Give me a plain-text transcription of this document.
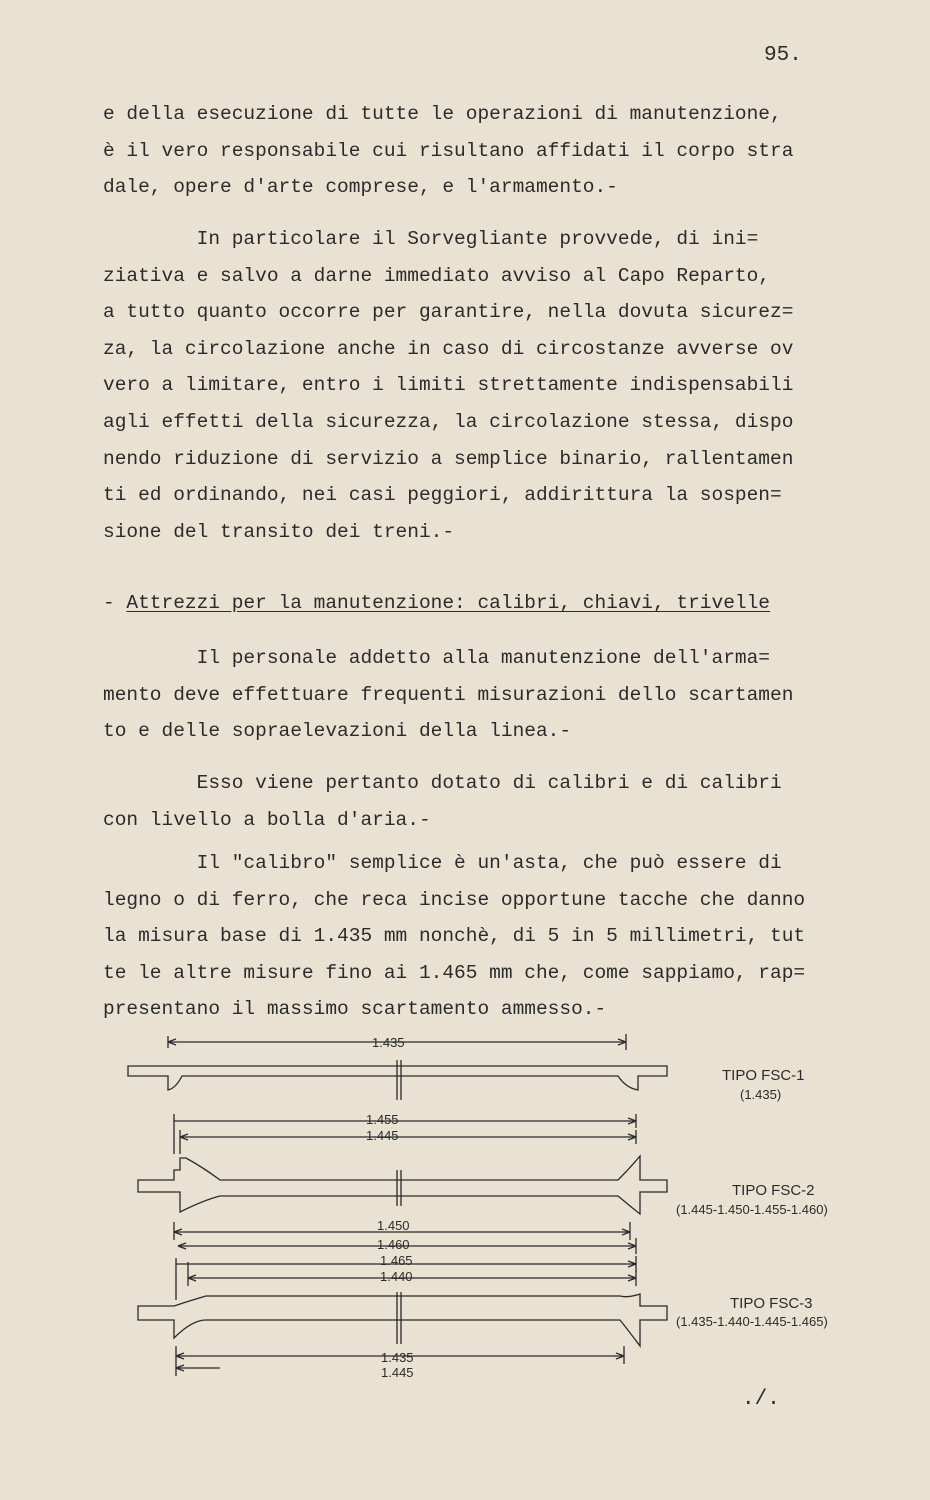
95.
e della esecuzione di tutte le operazioni di manutenzione,
è il vero responsabile cui risultano affidati il corpo stra
dale, opere d'arte comprese, e l'armamento.-
In particolare il Sorvegliante provvede, di ini=
ziativa e salvo a darne immediato avviso al Capo Reparto,
a tutto quanto occorre per garantire, nella dovuta sicurez=
za, la circolazione anche in caso di circostanze avverse ov
vero a limitare, entro i limiti strettamente indispensabili
agli effetti della sicurezza, la circolazione stessa, dispo
nendo riduzione di servizio a semplice binario, rallentamen
ti ed ordinando, nei casi peggiori, addirittura la sospen=
sione del transito dei treni.-
- Attrezzi per la manutenzione: calibri, chiavi, trivelle
Il personale addetto alla manutenzione dell'arma=
mento deve effettuare frequenti misurazioni dello scartamen
to e delle sopraelevazioni della linea.-
Esso viene pertanto dotato di calibri e di calibri
con livello a bolla d'aria.-
Il "calibro" semplice è un'asta, che può essere di
legno o di ferro, che reca incise opportune tacche che danno
la misura base di 1.435 mm nonchè, di 5 in 5 millimetri, tut
te le altre misure fino ai 1.465 mm che, come sappiamo, rap=
presentano il massimo scartamento ammesso.-
1.435
TIPO FSC-1
(1.435)
1.455
1.445
1.450
1.460
TIPO FSC-2
(1.445-1.450-1.455-1.460)
1.465
1.440
1.435
1.445
TIPO FSC-3
(1.435-1.440-1.445-1.465)
./.
